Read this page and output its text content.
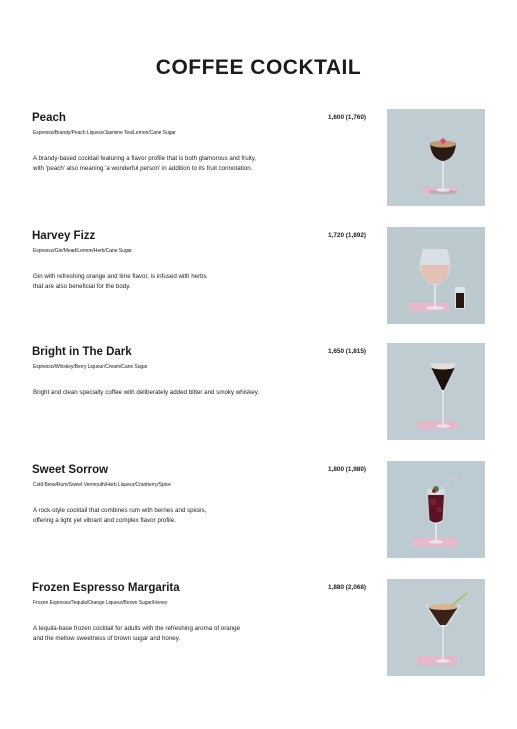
COFFEE COCKTAIL
Peach	1,600 (1,760)
Espresso/Brandy/Peach Liqueur/Jasmine Tea/Lemon/Cane Sugar
A brandy-based cocktail featuring a flavor profile that is both glamorous and fruity,
with 'peach' also meaning 'a wonderful person' in addition to its fruit connotation.
Harvey Fizz	1,720 (1,892)
Espresso/Gin/Mead/Lemon/Herb/Cane Sugar
Gin with refreshing orange and lime flavor, is infused with herbs
that are also beneficial for the body.
Bright in The Dark	1,650 (1,815)
Espresso/Whiskey/Berry Liqueur/Cream/Cane Sugar
Bright and clean specialty coffee with deliberately added bitter and smoky whiskey.
Sweet Sorrow	1,800 (1,980)
Cold Brew/Rum/Sweet Vermouth/Herb Liqueur/Cranberry/Spice
A rock-style cocktail that combines rum with berries and spices,
offering a light yet vibrant and complex flavor profile.
Frozen Espresso Margarita	1,880 (2,068)
Frozen Espresso/Tequila/Orange Liqueur/Brown Sugar/Honey
A tequila-base frozen cocktail for adults with the refreshing aroma of orange
and the mellow sweetness of brown sugar and honey.
